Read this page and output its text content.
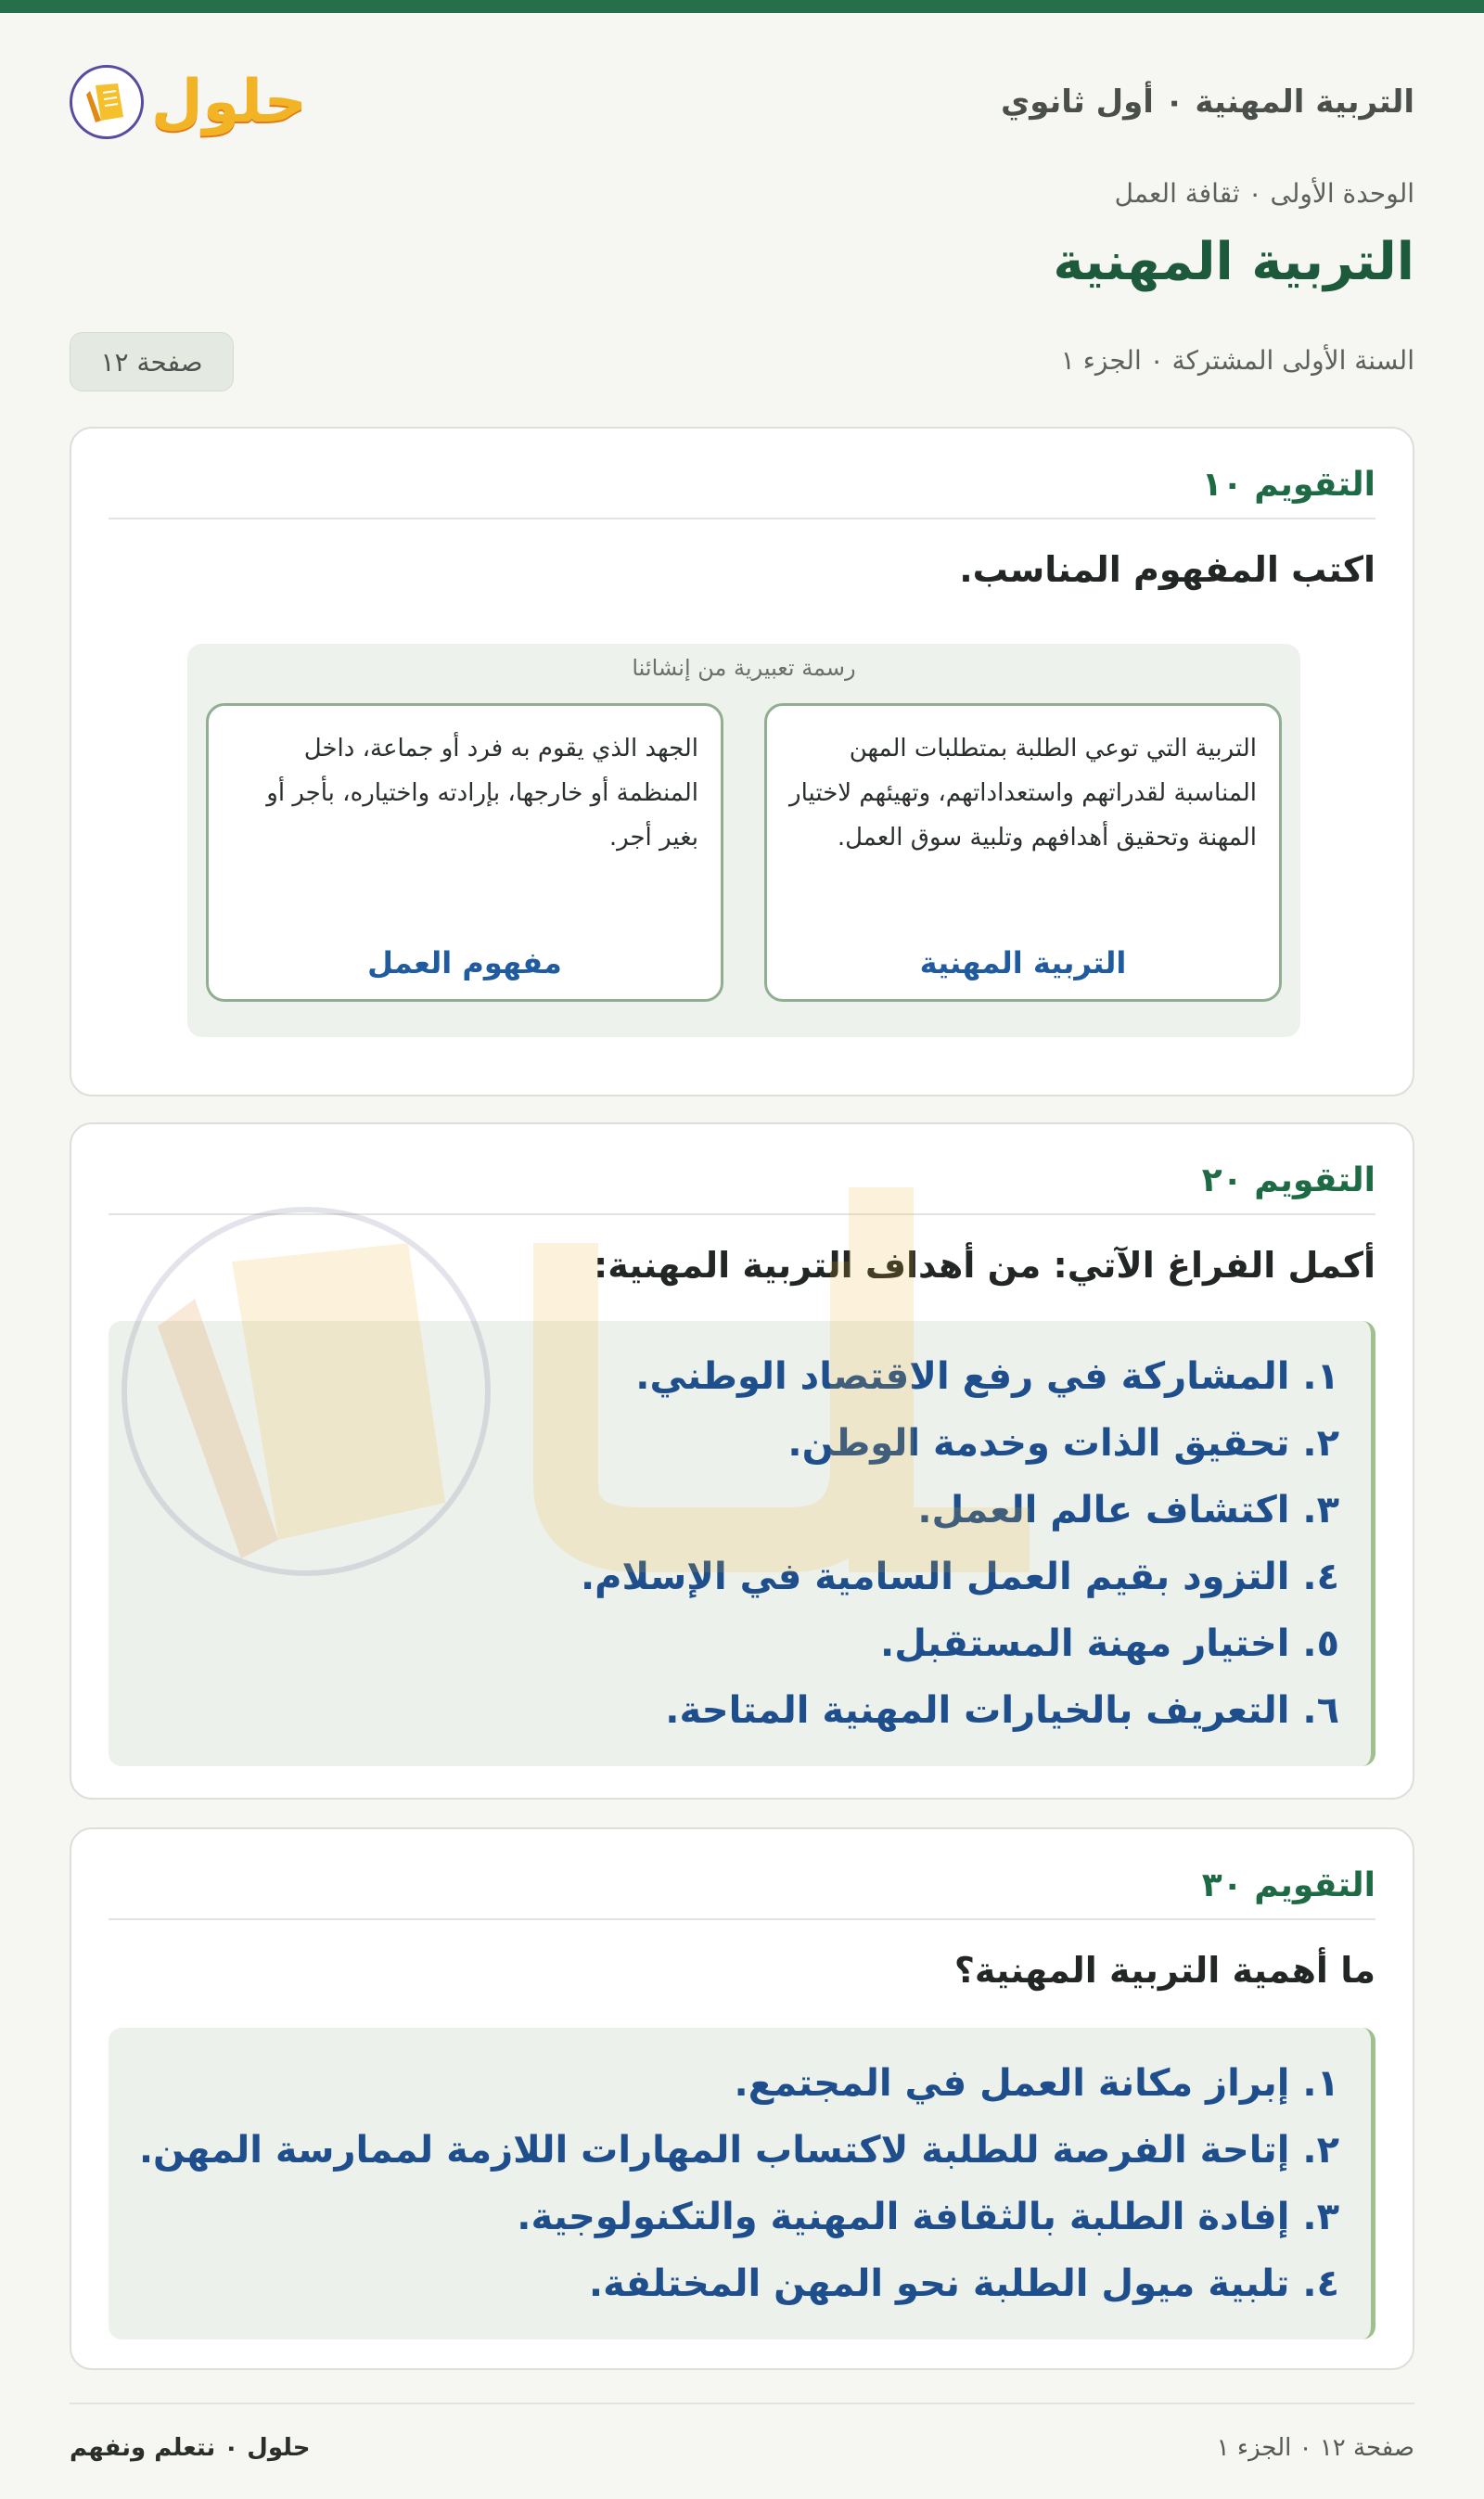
التربية المهنية ٠ أول ثانوي
حلول
الوحدة الأولى ٠ ثقافة العمل
التربية المهنية
السنة الأولى المشتركة ٠ الجزء ١
صفحة ١٢
التقويم ١٠

اكتب المفهوم المناسب.

رسمة تعبيرية من إنشائنا
التربية التي توعي الطلبة بمتطلبات المهن المناسبة لقدراتهم واستعداداتهم، وتهيئهم لاختيار المهنة وتحقيق أهدافهم وتلبية سوق العمل.
التربية المهنية
الجهد الذي يقوم به فرد أو جماعة، داخل المنظمة أو خارجها، بإرادته واختياره، بأجر أو بغير أجر.
مفهوم العمل
التقويم ٢٠

أكمل الفراغ الآتي: من أهداف التربية المهنية:

١. المشاركة في رفع الاقتصاد الوطني.
٢. تحقيق الذات وخدمة الوطن.
٣. اكتشاف عالم العمل.
٤. التزود بقيم العمل السامية في الإسلام.
٥. اختيار مهنة المستقبل.
٦. التعريف بالخيارات المهنية المتاحة.
التقويم ٣٠

ما أهمية التربية المهنية؟

١. إبراز مكانة العمل في المجتمع.
٢. إتاحة الفرصة للطلبة لاكتساب المهارات اللازمة لممارسة المهن.
٣. إفادة الطلبة بالثقافة المهنية والتكنولوجية.
٤. تلبية ميول الطلبة نحو المهن المختلفة.
صفحة ١٢ ٠ الجزء ١
حلول ٠ نتعلم ونفهم
